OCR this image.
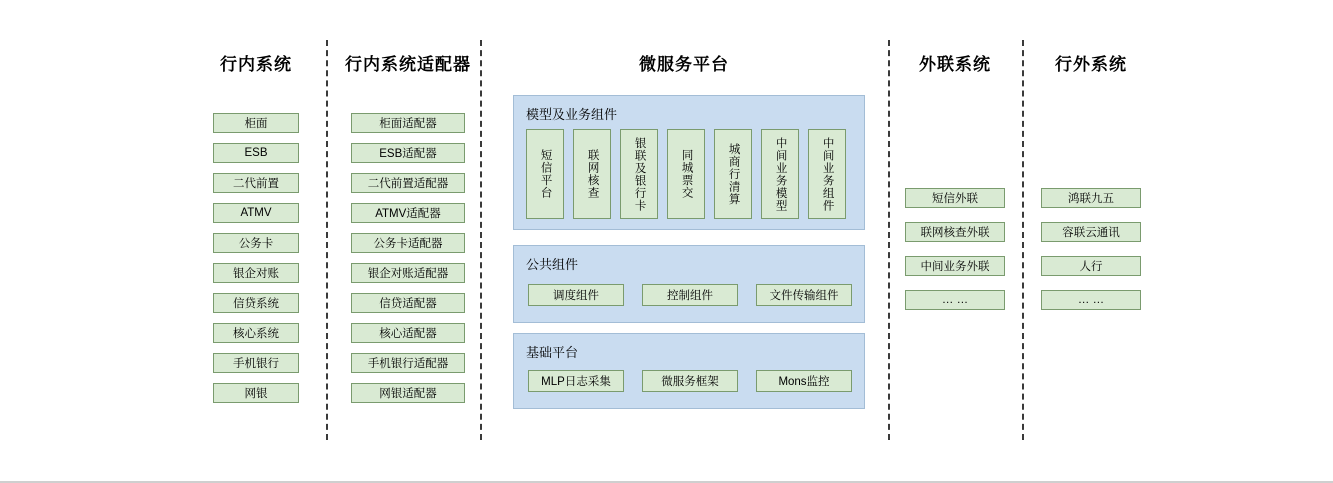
行内系统
柜面
ESB
二代前置
ATMV
公务卡
银企对账
信贷系统
核心系统
手机银行
网银
行内系统适配器
柜面适配器
ESB适配器
二代前置适配器
ATMV适配器
公务卡适配器
银企对账适配器
信贷适配器
核心适配器
手机银行适配器
网银适配器
微服务平台
模型及业务组件
短信平台	联网核查	银联及银行卡	同城票交	城商行清算	中间业务模型	中间业务组件
公共组件
调度组件	控制组件	文件传输组件
基础平台
MLP日志采集	微服务框架	Mons监控
外联系统
短信外联
联网核查外联
中间业务外联
… …
行外系统
鸿联九五
容联云通讯
人行
… …
